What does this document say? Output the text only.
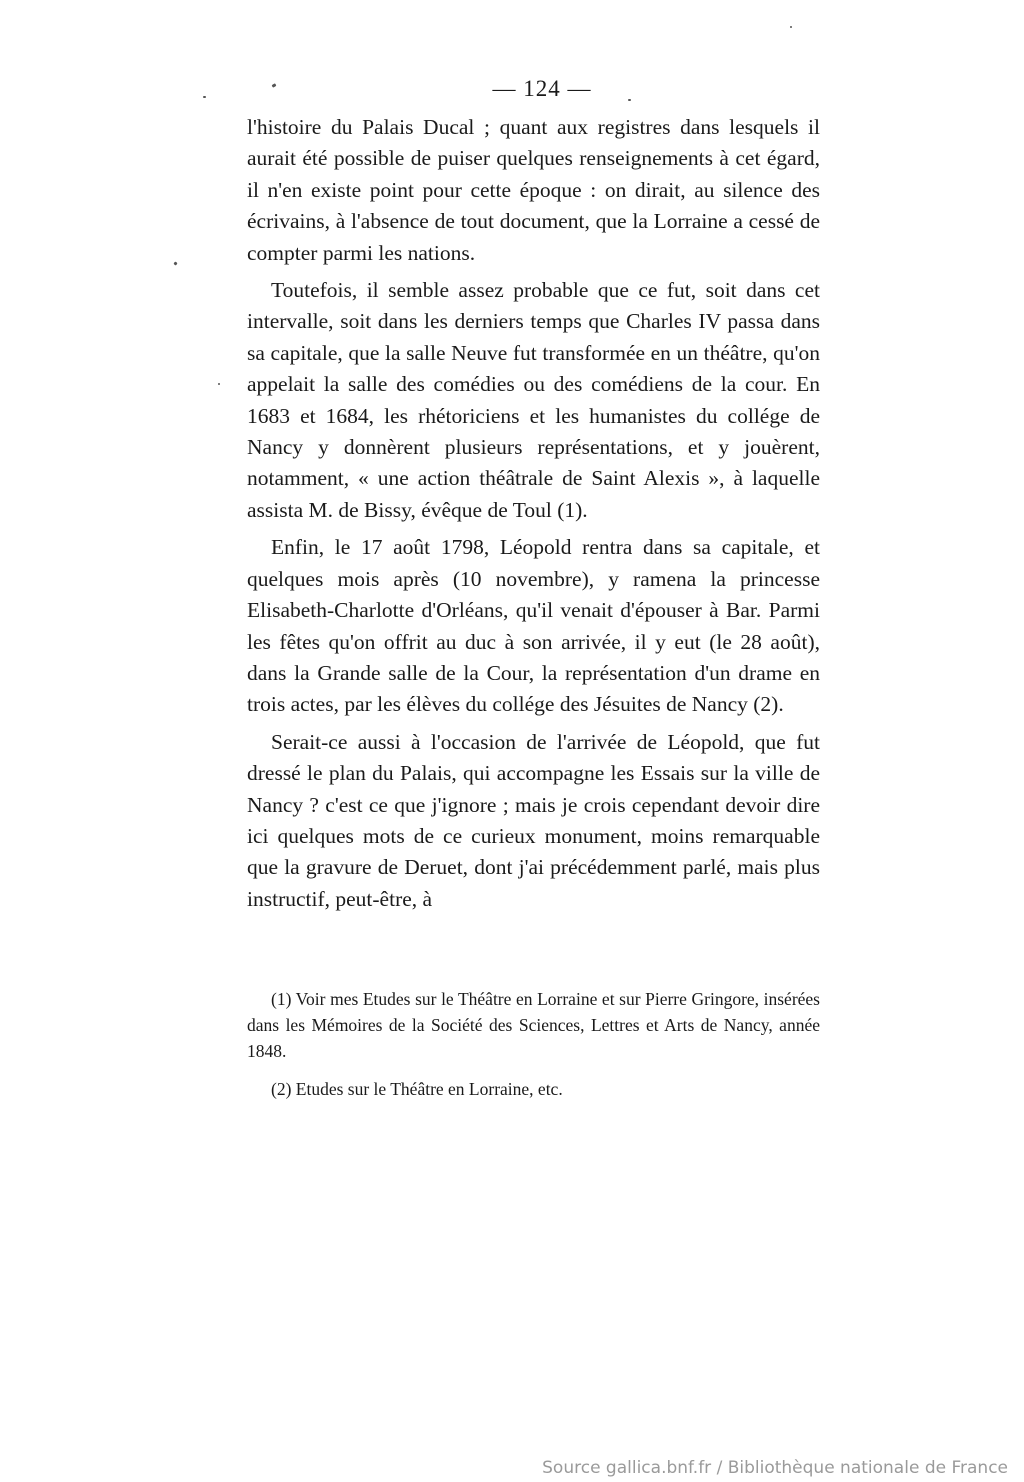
— 124 —

l'histoire du Palais Ducal ; quant aux registres dans lesquels il aurait été possible de puiser quelques renseignements à cet égard, il n'en existe point pour cette époque : on dirait, au silence des écrivains, à l'absence de tout document, que la Lorraine a cessé de compter parmi les nations.

Toutefois, il semble assez probable que ce fut, soit dans cet intervalle, soit dans les derniers temps que Charles IV passa dans sa capitale, que la salle Neuve fut transformée en un théâtre, qu'on appelait la salle des comédies ou des comédiens de la cour. En 1683 et 1684, les rhétoriciens et les humanistes du collége de Nancy y donnèrent plusieurs représentations, et y jouèrent, notamment, « une action théâtrale de Saint Alexis », à laquelle assista M. de Bissy, évêque de Toul (1).

Enfin, le 17 août 1798, Léopold rentra dans sa capitale, et quelques mois après (10 novembre), y ramena la princesse Elisabeth-Charlotte d'Orléans, qu'il venait d'épouser à Bar. Parmi les fêtes qu'on offrit au duc à son arrivée, il y eut (le 28 août), dans la Grande salle de la Cour, la représentation d'un drame en trois actes, par les élèves du collége des Jésuites de Nancy (2).

Serait-ce aussi à l'occasion de l'arrivée de Léopold, que fut dressé le plan du Palais, qui accompagne les Essais sur la ville de Nancy ? c'est ce que j'ignore ; mais je crois cependant devoir dire ici quelques mots de ce curieux monument, moins remarquable que la gravure de Deruet, dont j'ai précédemment parlé, mais plus instructif, peut-être, à

(1) Voir mes Etudes sur le Théâtre en Lorraine et sur Pierre Gringore, insérées dans les Mémoires de la Société des Sciences, Lettres et Arts de Nancy, année 1848.

(2) Etudes sur le Théâtre en Lorraine, etc.

Source gallica.bnf.fr / Bibliothèque nationale de France
